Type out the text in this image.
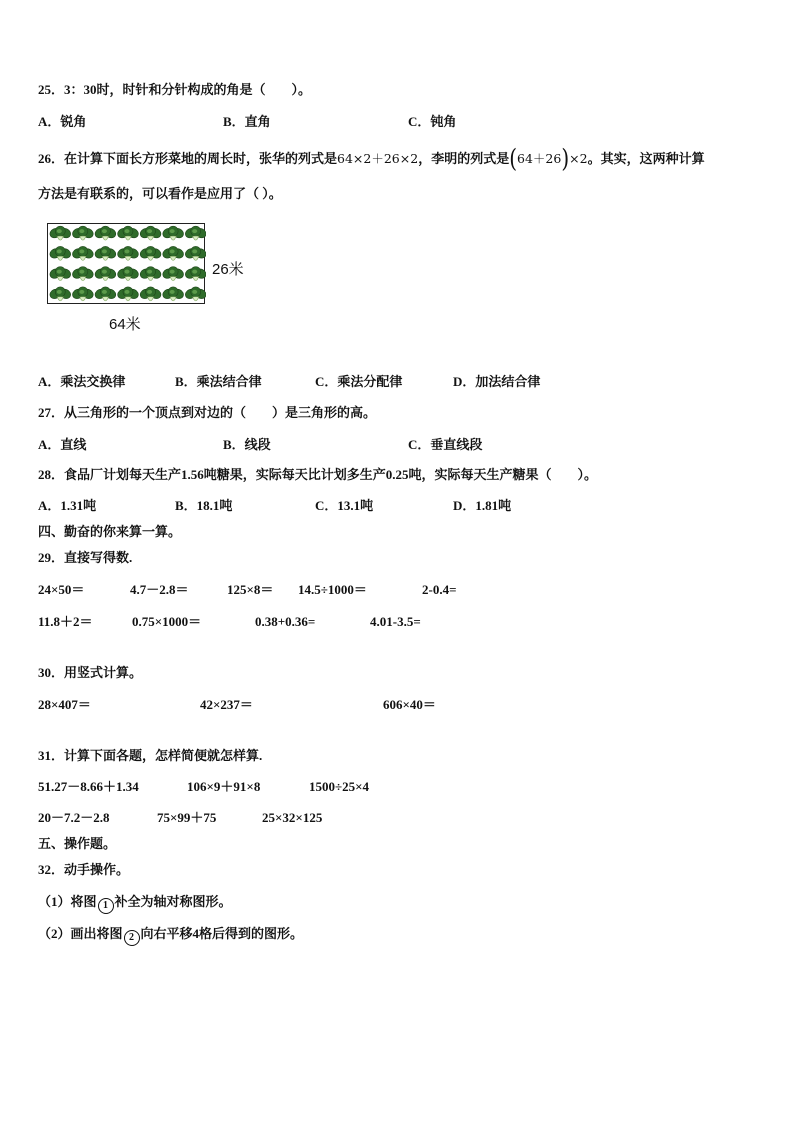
25．3：30时，时针和分针构成的角是（　　）。
A．锐角	B．直角	C．钝角
26．在计算下面长方形菜地的周长时，张华的列式是64×2＋26×2，李明的列式是(64＋26)×2。其实，这两种计算
方法是有联系的，可以看作是应用了（ ）。
26米
64米
A．乘法交换律	B．乘法结合律	C．乘法分配律	D．加法结合律
27．从三角形的一个顶点到对边的（　　）是三角形的高。
A．直线	B．线段	C．垂直线段
28．食品厂计划每天生产1.56吨糖果，实际每天比计划多生产0.25吨，实际每天生产糖果（　　）。
A．1.31吨	B．18.1吨	C．13.1吨	D．1.81吨
四、勤奋的你来算一算。
29．直接写得数.
24×50＝	4.7－2.8＝	125×8＝ 14.5÷1000＝	2-0.4=
11.8＋2＝	0.75×1000＝	0.38+0.36=	4.01-3.5=
30．用竖式计算。
28×407＝	42×237＝	606×40＝
31．计算下面各题，怎样简便就怎样算.
51.27－8.66＋1.34	106×9＋91×8	1500÷25×4
20－7.2－2.8	75×99＋75	25×32×125
五、操作题。
32．动手操作。
（1）将图 1 补全为轴对称图形。
（2）画出将图 2 向右平移4格后得到的图形。
